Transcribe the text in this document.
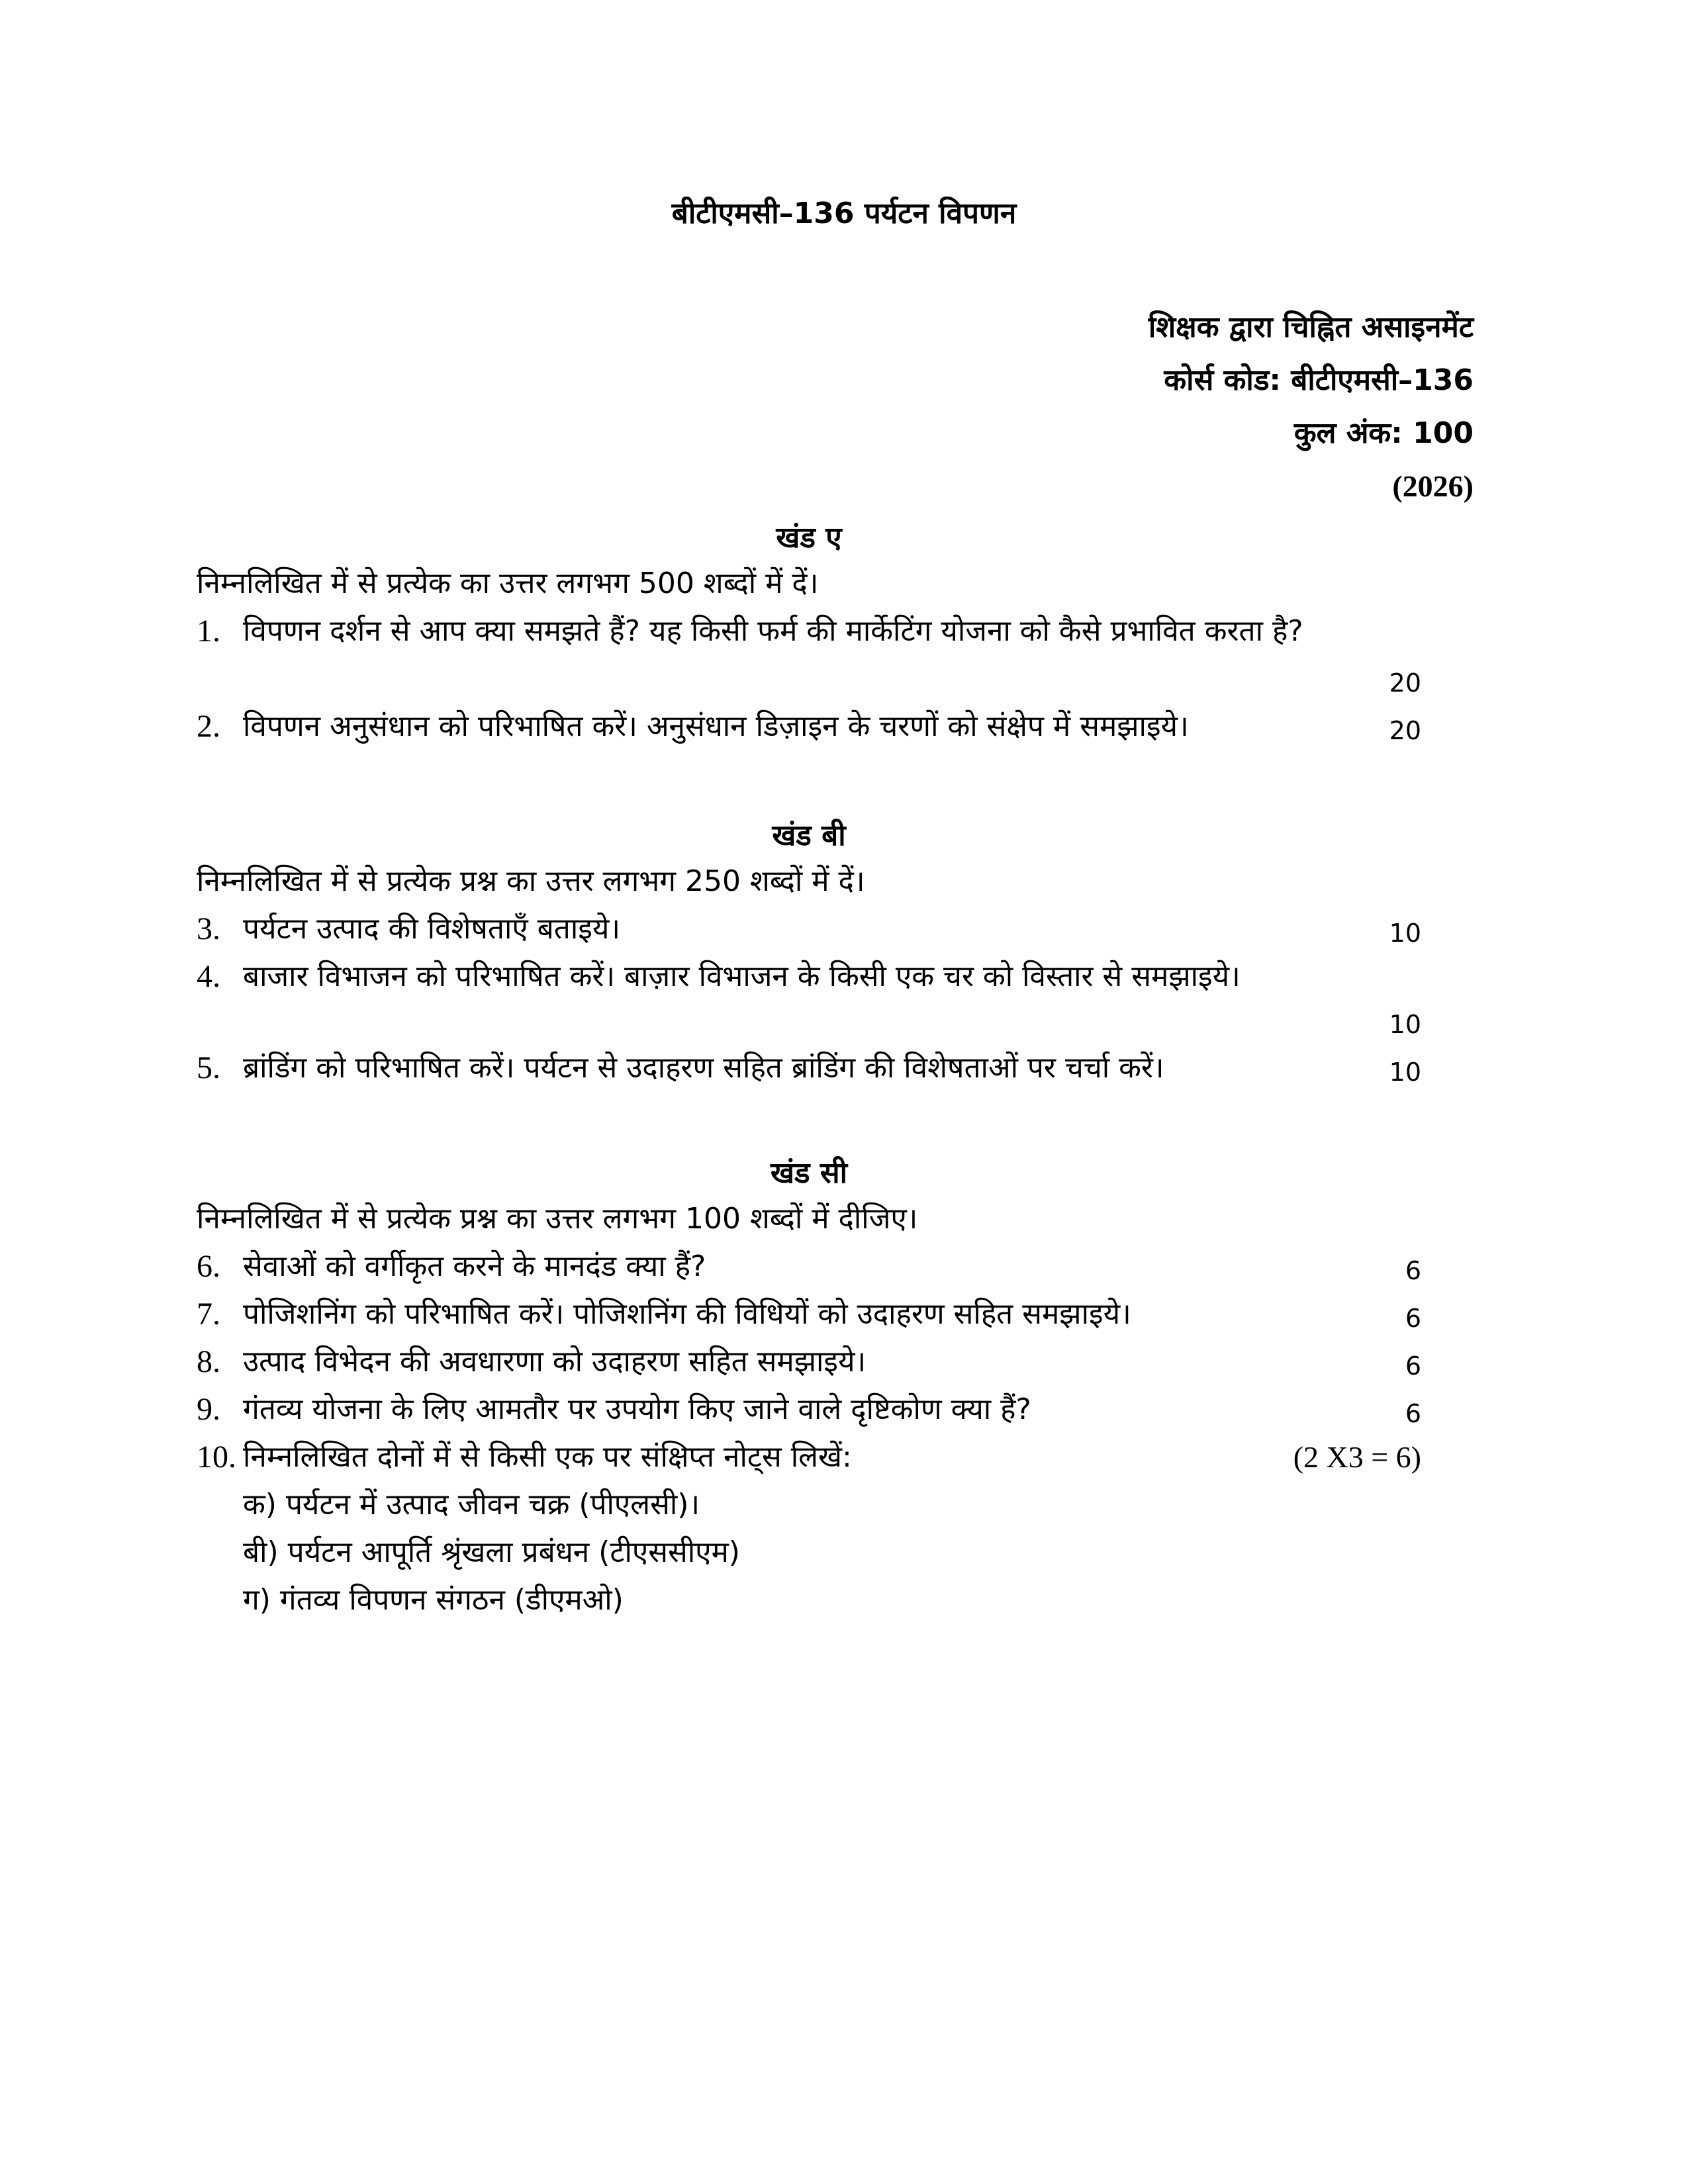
बीटीएमसी–136 पर्यटन विपणन
शिक्षक द्वारा चिह्नित असाइनमेंट
कोर्स कोड: बीटीएमसी–136
कुल अंक: 100
(2026)
खंड ए
निम्नलिखित में से प्रत्येक का उत्तर लगभग 500 शब्दों में दें।
1. विपणन दर्शन से आप क्या समझते हैं? यह किसी फर्म की मार्केटिंग योजना को कैसे प्रभावित करता है?
20
2. विपणन अनुसंधान को परिभाषित करें। अनुसंधान डिज़ाइन के चरणों को संक्षेप में समझाइये।	20
खंड बी
निम्नलिखित में से प्रत्येक प्रश्न का उत्तर लगभग 250 शब्दों में दें।
3. पर्यटन उत्पाद की विशेषताएँ बताइये।	10
4. बाजार विभाजन को परिभाषित करें। बाज़ार विभाजन के किसी एक चर को विस्तार से समझाइये।
10
5. ब्रांडिंग को परिभाषित करें। पर्यटन से उदाहरण सहित ब्रांडिंग की विशेषताओं पर चर्चा करें।	10
खंड सी
निम्नलिखित में से प्रत्येक प्रश्न का उत्तर लगभग 100 शब्दों में दीजिए।
6. सेवाओं को वर्गीकृत करने के मानदंड क्या हैं?	6
7. पोजिशनिंग को परिभाषित करें। पोजिशनिंग की विधियों को उदाहरण सहित समझाइये।	6
8. उत्पाद विभेदन की अवधारणा को उदाहरण सहित समझाइये।	6
9. गंतव्य योजना के लिए आमतौर पर उपयोग किए जाने वाले दृष्टिकोण क्या हैं?	6
10. निम्नलिखित दोनों में से किसी एक पर संक्षिप्त नोट्स लिखें:	(2 X3 = 6)
क) पर्यटन में उत्पाद जीवन चक्र (पीएलसी)।
बी) पर्यटन आपूर्ति श्रृंखला प्रबंधन (टीएससीएम)
ग) गंतव्य विपणन संगठन (डीएमओ)
